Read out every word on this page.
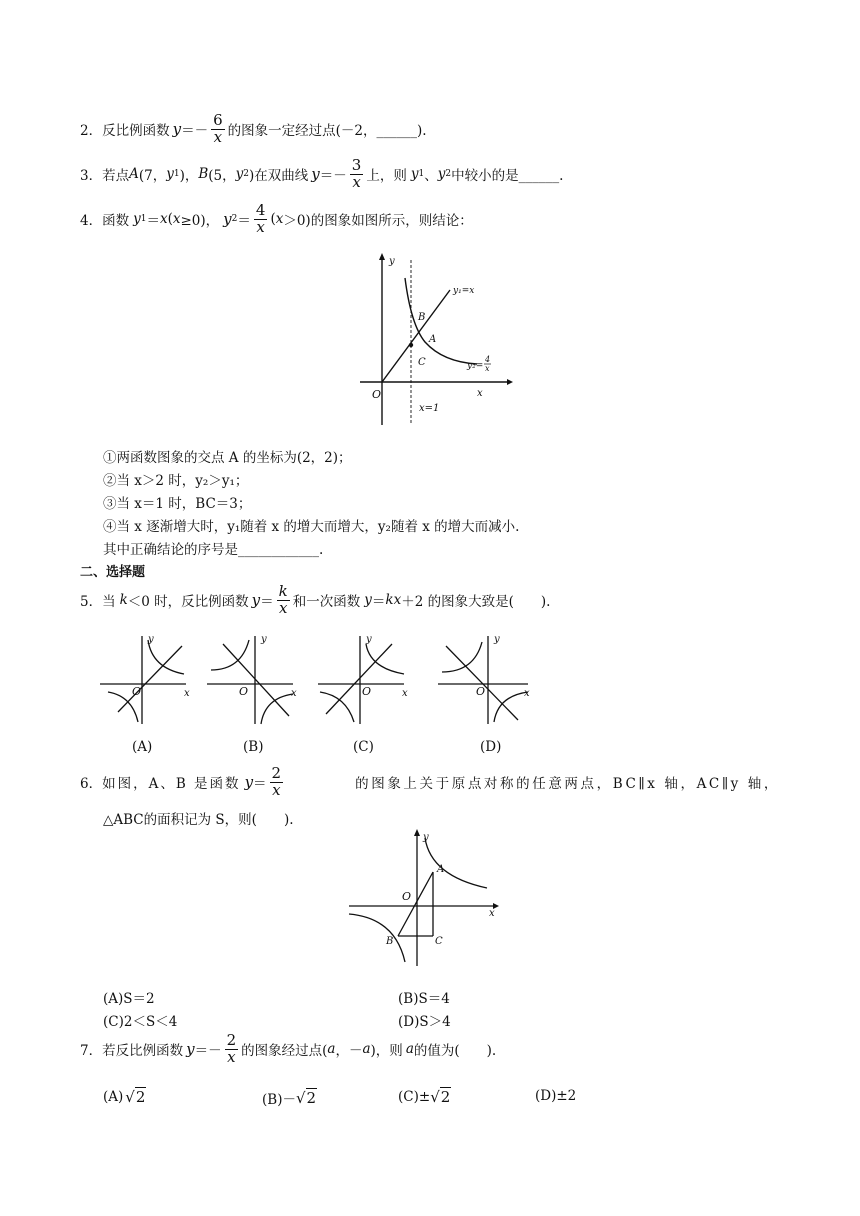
2． 反比例函数 $y =- \frac{6}{x}$ 的图象一定经过点(－2，______).
3． 若点 A (7， y 1 )， B (5， y 2 )在双曲线 $y =- \frac{3}{x}$ 上，则 y 1 、 y 2 中较小的是______.
4． 函数 y 1 ＝ x ( x ≥0)， y $2 = \frac{4}{x}$ ( x ＞0)的图象如图所示，则结论：
y
x
O
y₁=x
y₂=
4
x
B
A
C
x=1
①两函数图象的交点 A 的坐标为(2，2)；
②当 x＞2 时，y₂＞y₁；
③当 x＝1 时，BC＝3；
④当 x 逐渐增大时，y₁随着 x 的增大而增大，y₂随着 x 的增大而减小.
其中正确结论的序号是____________.
二、选择题
5． 当 k ＜0 时，反比例函数 $y = \frac{k}{x}$ 和一次函数 y ＝ k x ＋2 的图象大致是(　　).
y
x
O
y
x
O
y
x
O
y
x
O
(A)	(B)	(C)	(D)
6． 如图，A、B 是函数 $y = \frac{2}{x}$	的图象上关于原点对称的任意两点，BC∥x 轴，AC∥y 轴，
△ABC的面积记为 S，则(　　).
y
x
O
A
B	C
(A)S＝2	(B)S＝4
(C)2＜S＜4	(D)S＞4
7． 若反比例函数 $y =- \frac{2}{x}$ 的图象经过点( a ，－ a )，则 a 的值为(　　).
(A) √2	(B)－ √2	(C)± √2	(D)±2
